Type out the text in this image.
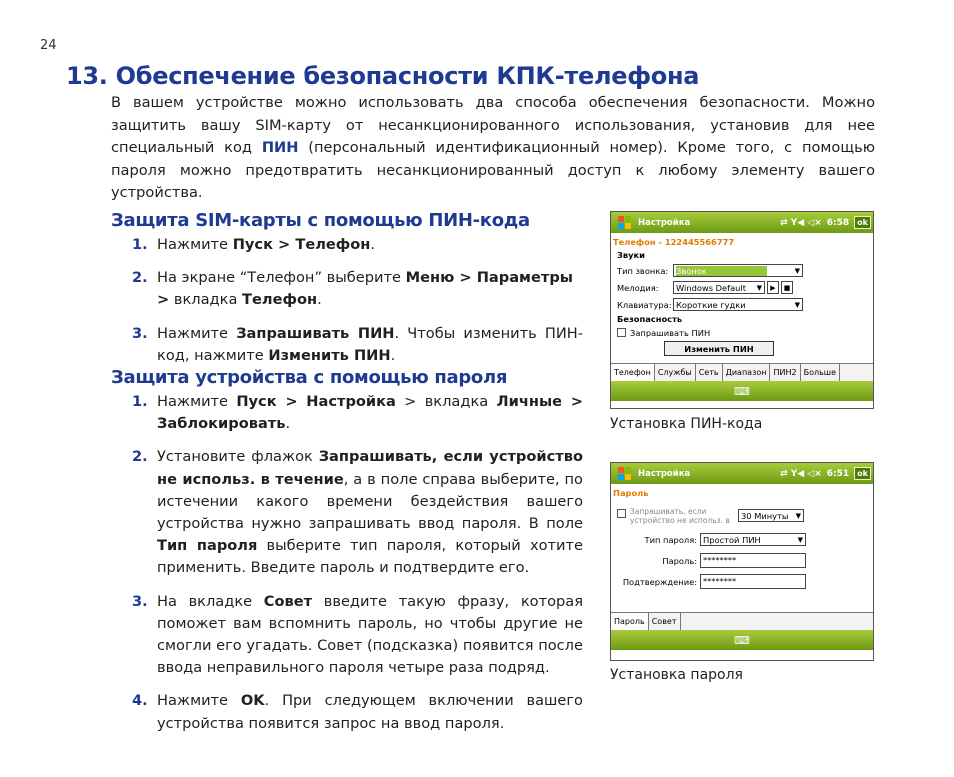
24
13. Обеспечение безопасности КПК-телефона
В вашем устройстве можно использовать два способа обеспечения безопасности. Можно защитить вашу SIM-карту от несанкционированного использования, установив для нее специальный код ПИН (персональный идентификационный номер). Кроме того, с помощью пароля можно предотвратить несанкционированный доступ к любому элементу вашего устройства.
Защита SIM-карты с помощью ПИН-кода
1. Нажмите Пуск > Телефон.
2. На экране “Телефон” выберите Меню > Параметры > вкладка Телефон.
3. Нажмите Запрашивать ПИН. Чтобы изменить ПИН-код, нажмите Изменить ПИН.
Защита устройства с помощью пароля
1. Нажмите Пуск > Настройка > вкладка Личные > Заблокировать.
2. Установите флажок Запрашивать, если устройство не использ. в течение, а в поле справа выберите, по истечении какого времени бездействия вашего устройства нужно запрашивать ввод пароля. В поле Тип пароля выберите тип пароля, который хотите применить. Введите пароль и подтвердите его.
3. На вкладке Совет введите такую фразу, которая поможет вам вспомнить пароль, но чтобы другие не смогли его угадать. Совет (подсказка) появится после ввода неправильного пароля четыре раза подряд.
4. Нажмите OK. При следующем включении вашего устройства появится запрос на ввод пароля.
Настройка	⇄ Y◀ ◁× 6:58	ok
Телефон - 122445566777
Звуки
Тип звонка: Звонок	▼
Мелодия:	Windows Default ▼	▶	■
Клавиатура: Короткие гудки	▼
Безопасность
Запрашивать ПИН
Изменить ПИН
Телефон Службы Сеть Диапазон ПИН2 Больше
⌨
Установка ПИН-кода
Настройка	⇄ Y◀ ◁× 6:51	ok
Пароль
Запрашивать, если
устройство не использ. в	30 Минуты ▼
Тип пароля: Простой ПИН	▼
Пароль: ********
Подтверждение: ********
Пароль Совет
⌨
Установка пароля
